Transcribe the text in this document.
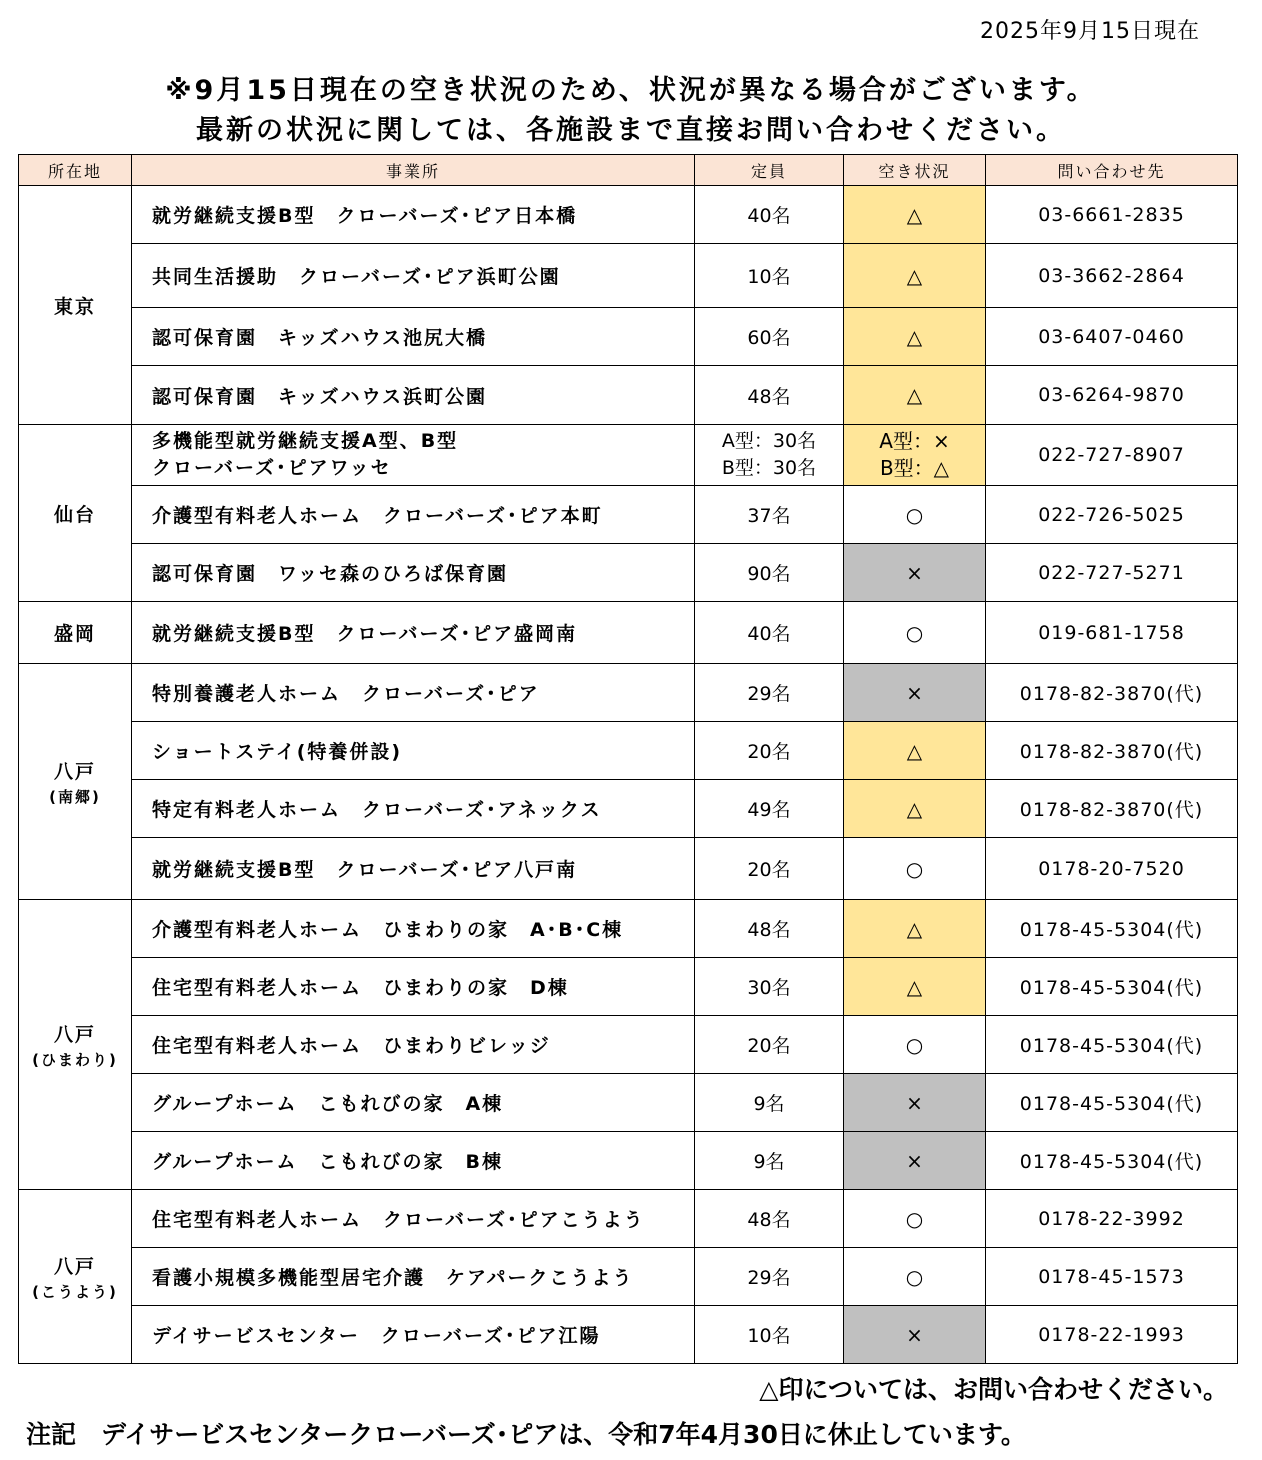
2025年9月15日現在
※9月15日現在の空き状況のため、状況が異なる場合がございます。
最新の状況に関しては、各施設まで直接お問い合わせください。
所在地	事業所	定員	空き状況	問い合わせ先
東京	就労継続支援B型　クローバーズ･ピア日本橋	40名	△	03-6661-2835
	共同生活援助　クローバーズ･ピア浜町公園	10名	△	03-3662-2864
	認可保育園　キッズハウス池尻大橋	60名	△	03-6407-0460
	認可保育園　キッズハウス浜町公園	48名	△	03-6264-9870
仙台	多機能型就労継続支援A型、B型
クローバーズ･ピアワッセ	A型：30名
B型：30名	A型：×
B型：△	022-727-8907
	介護型有料老人ホーム　クローバーズ･ピア本町	37名	○	022-726-5025
	認可保育園　ワッセ森のひろば保育園	90名	×	022-727-5271
盛岡	就労継続支援B型　クローバーズ･ピア盛岡南	40名	○	019-681-1758
八戸
(南郷)	特別養護老人ホーム　クローバーズ･ピア	29名	×	0178-82-3870(代)
	ショートステイ(特養併設)	20名	△	0178-82-3870(代)
	特定有料老人ホーム　クローバーズ･アネックス	49名	△	0178-82-3870(代)
	就労継続支援B型　クローバーズ･ピア八戸南	20名	○	0178-20-7520
八戸
(ひまわり)	介護型有料老人ホーム　ひまわりの家　A･B･C棟	48名	△	0178-45-5304(代)
	住宅型有料老人ホーム　ひまわりの家　D棟	30名	△	0178-45-5304(代)
	住宅型有料老人ホーム　ひまわりビレッジ	20名	○	0178-45-5304(代)
	グループホーム　こもれびの家　A棟	9名	×	0178-45-5304(代)
	グループホーム　こもれびの家　B棟	9名	×	0178-45-5304(代)
八戸
(こうよう)	住宅型有料老人ホーム　クローバーズ･ピアこうよう	48名	○	0178-22-3992
	看護小規模多機能型居宅介護　ケアパークこうよう	29名	○	0178-45-1573
	デイサービスセンター　クローバーズ･ピア江陽	10名	×	0178-22-1993
△印については、お問い合わせください。
注記　デイサービスセンタークローバーズ･ピアは、令和7年4月30日に休止しています。
